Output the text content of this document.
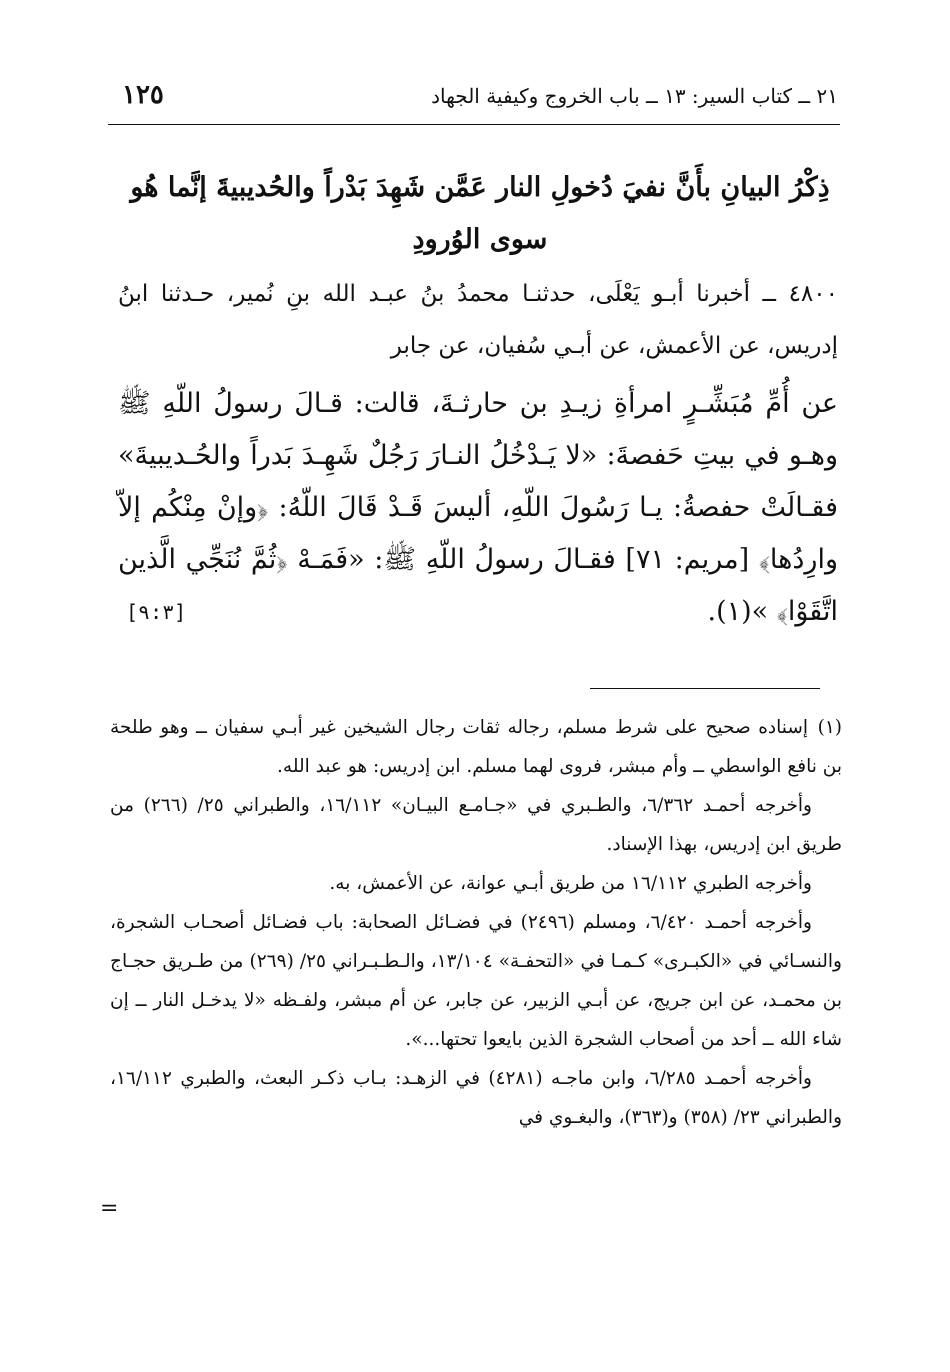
٢١ ــ كتاب السير: ١٣ ــ باب الخروج وكيفية الجهاد
١٢٥
ذِكْرُ البيانِ بأَنَّ نفيَ دُخولِ النار عَمَّن شَهِدَ بَدْراً والحُديبيةَ إنَّما هُو سوى الوُرودِ
٤٨٠٠ ــ أخبرنا أبـو يَعْلَى، حدثنـا محمدُ بنُ عبـد الله بنِ نُمير، حـدثنا ابنُ إدريس، عن الأعمش، عن أبـي سُفيان، عن جابر
عن أُمِّ مُبَشِّـرٍ امرأةِ زيـدِ بن حارثـةَ، قالت: قـالَ رسولُ اللّهِ ﷺ وهـو في بيتِ حَفصةَ: «لا يَـدْخُلُ النـارَ رَجُلٌ شَهِـدَ بَدراً والحُـديبيةَ» فقـالَتْ حفصةُ: يـا رَسُولَ اللّهِ، أليسَ قَـدْ قَالَ اللّهُ: ﴿وإنْ مِنْكُم إلاّ وارِدُها﴾ [مريم: ٧١] فقـالَ رسولُ اللّهِ ﷺ: «فَمَـهْ ﴿ثُمَّ نُنَجِّي الَّذين اتَّقَوْا﴾ »(١).
[٩:٣]

(١)إسناده صحيح على شرط مسلم، رجاله ثقات رجال الشيخين غير أبـي سفيان ــ وهو طلحة بن نافع الواسطي ــ وأم مبشر، فروى لهما مسلم. ابن إدريس: هو عبد الله.

وأخرجه أحمـد ٦/٣٦٢، والطـبري في «جـامـع البيـان» ١٦/١١٢، والطبراني ٢٥/ (٢٦٦) من طريق ابن إدريس، بهذا الإسناد.

وأخرجه الطبري ١٦/١١٢ من طريق أبـي عوانة، عن الأعمش، به.

وأخرجه أحمـد ٦/٤٢٠، ومسلم (٢٤٩٦) في فضـائل الصحابة: باب فضـائل أصحـاب الشجرة، والنسـائي في «الكبـرى» كـمـا في «التحفـة» ١٣/١٠٤، والـطـبـراني ٢٥/ (٢٦٩) من طـريق حجـاج بن محمـد، عن ابن جريج، عن أبـي الزبير، عن جابر، عن أم مبشر، ولفـظه «لا يدخـل النار ــ إن شاء الله ــ أحد من أصحاب الشجرة الذين بايعوا تحتها...».

وأخرجه أحمـد ٦/٢٨٥، وابن ماجـه (٤٢٨١) في الزهـد: بـاب ذكـر البعث، والطبري ١٦/١١٢، والطبراني ٢٣/ (٣٥٨) و(٣٦٣)، والبغـوي في

=
